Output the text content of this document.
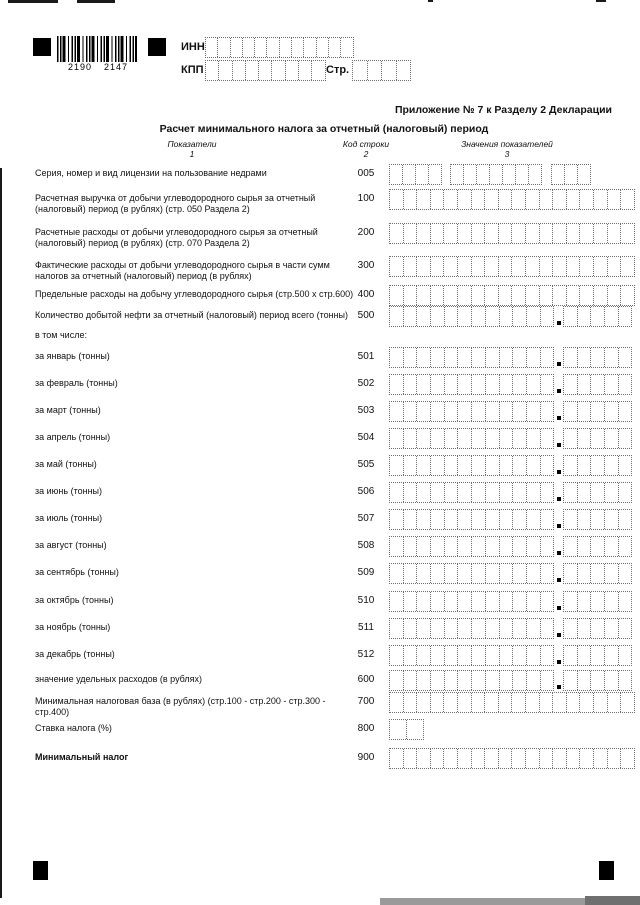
2190 2147
ИНН
КПП	Стр.
Приложение № 7 к Разделу 2 Декларации
Расчет минимального налога за отчетный (налоговый) период
Показатели
1
Код строки
2
Значения показателей
3
Серия, номер и вид лицензии на пользование недрами	005
Расчетная выручка от добычи углеводородного сырья за отчетный (налоговый) период (в рублях) (стр. 050 Раздела 2)
100
Расчетные расходы от добычи углеводородного сырья за отчетный (налоговый) период (в рублях) (стр. 070 Раздела 2)
200
Фактические расходы от добычи углеводородного сырья в части сумм налогов за отчетный (налоговый) период (в рублях)
300
Предельные расходы на добычу углеводородного сырья (стр.500 х стр.600) 400
Количество добытой нефти за отчетный (налоговый) период всего (тонны) 500
в том числе:
за январь (тонны)	501
за февраль (тонны)	502
за март (тонны)	503
за апрель (тонны)	504
за май (тонны)	505
за июнь (тонны)	506
за июль (тонны)	507
за август (тонны)	508
за сентябрь (тонны)	509
за октябрь (тонны)	510
за ноябрь (тонны)	511
за декабрь (тонны)	512
значение удельных расходов (в рублях)	600
Минимальная налоговая база (в рублях) (стр.100 - стр.200 - стр.300 - стр.400)
700
Ставка налога (%)	800
Минимальный налог	900
